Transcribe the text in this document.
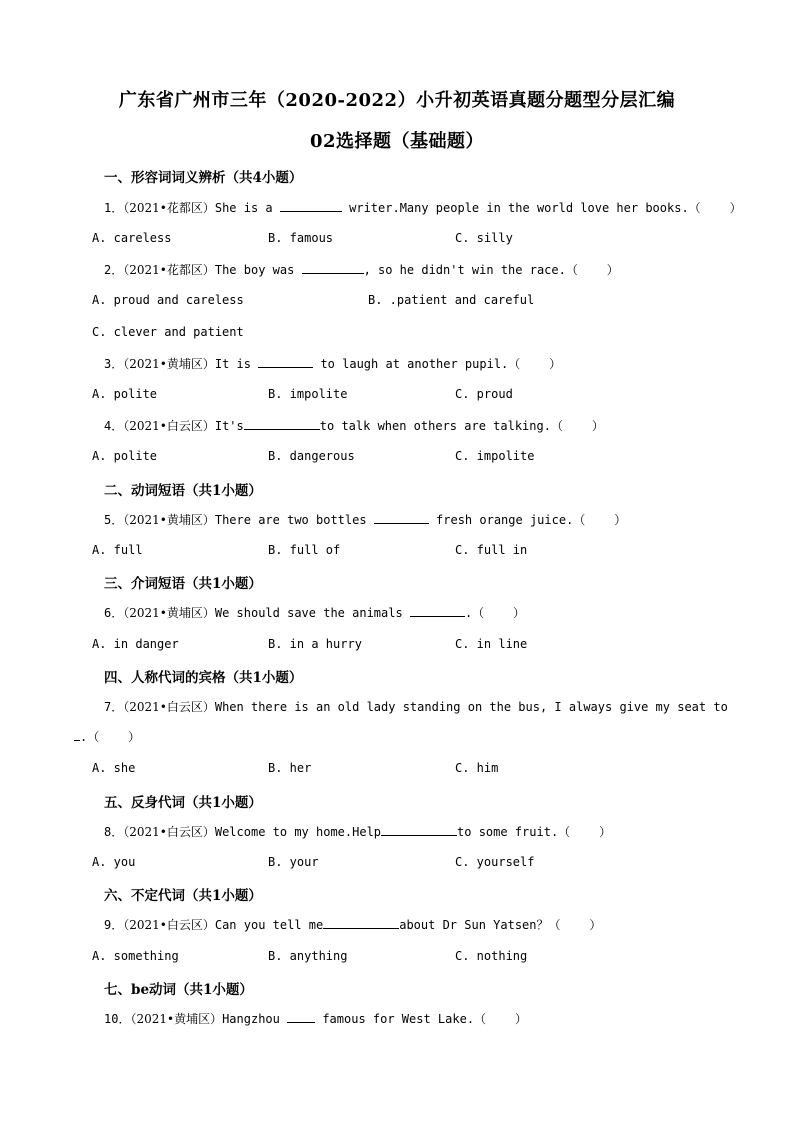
广东省广州市三年（2020-2022）小升初英语真题分题型分层汇编
02选择题（基础题）
一、形容词词义辨析（共4小题）
1．（2021•花都区）She is a	writer.Many people in the world love her books.（    ）
A. careless	B. famous	C. silly
2．（2021•花都区）The boy was	, so he didn't win the race.（    ）
A. proud and careless	B. .patient and careful
C. clever and patient
3．（2021•黄埔区）It is	to laugh at another pupil.（    ）
A. polite	B. impolite	C. proud
4．（2021•白云区）It's	to talk when others are talking.（    ）
A. polite	B. dangerous	C. impolite
二、动词短语（共1小题）
5．（2021•黄埔区）There are two bottles	fresh orange juice.（    ）
A. full	B. full of	C. full in
三、介词短语（共1小题）
6．（2021•黄埔区）We should save the animals	.（    ）
A. in danger	B. in a hurry	C. in line
四、人称代词的宾格（共1小题）
7．（2021•白云区）When there is an old lady standing on the bus, I always give my seat to
.（    ）
A. she	B. her	C. him
五、反身代词（共1小题）
8．（2021•白云区）Welcome to my home.Help	to some fruit.（    ）
A. you	B. your	C. yourself
六、不定代词（共1小题）
9．（2021•白云区）Can you tell me	about Dr Sun Yatsen？（    ）
A. something	B. anything	C. nothing
七、be动词（共1小题）
10．（2021•黄埔区）Hangzhou  famous for West Lake.（    ）
